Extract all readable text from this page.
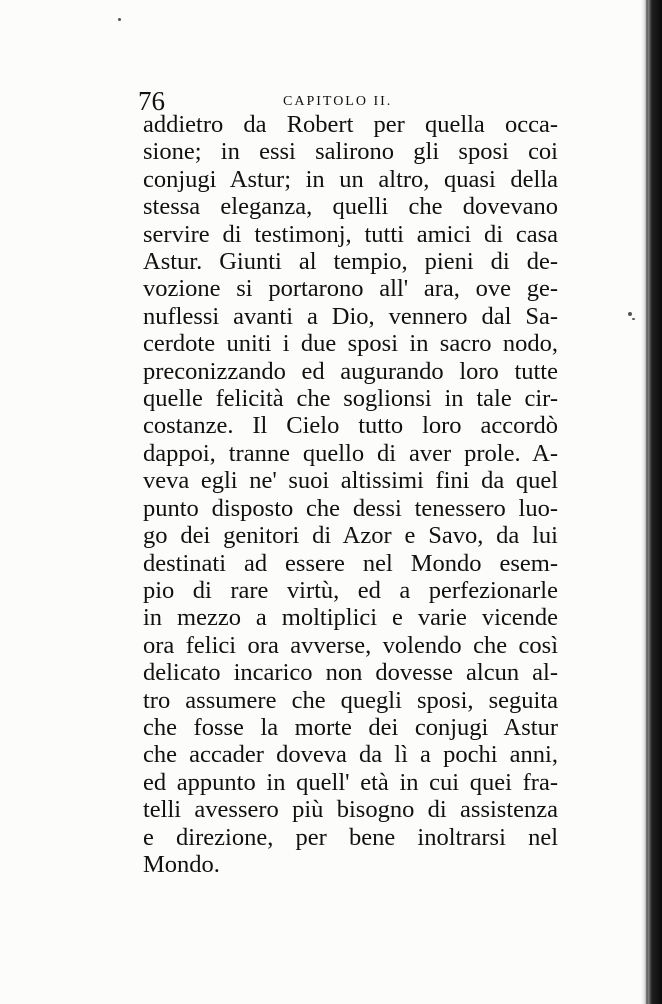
76	CAPITOLO II.
addietro da Robert per quella occa-
sione; in essi salirono gli sposi coi
conjugi Astur; in un altro, quasi della
stessa eleganza, quelli che dovevano
servire di testimonj, tutti amici di casa
Astur. Giunti al tempio, pieni di de-
vozione si portarono all' ara, ove ge-
nuflessi avanti a Dio, vennero dal Sa-
cerdote uniti i due sposi in sacro nodo,
preconizzando ed augurando loro tutte
quelle felicità che soglionsi in tale cir-
costanze. Il Cielo tutto loro accordò
dappoi, tranne quello di aver prole. A-
veva egli ne' suoi altissimi fini da quel
punto disposto che dessi tenessero luo-
go dei genitori di Azor e Savo, da lui
destinati ad essere nel Mondo esem-
pio di rare virtù, ed a perfezionarle
in mezzo a moltiplici e varie vicende
ora felici ora avverse, volendo che così
delicato incarico non dovesse alcun al-
tro assumere che quegli sposi, seguita
che fosse la morte dei conjugi Astur
che accader doveva da lì a pochi anni,
ed appunto in quell' età in cui quei fra-
telli avessero più bisogno di assistenza
e direzione, per bene inoltrarsi nel
Mondo.
